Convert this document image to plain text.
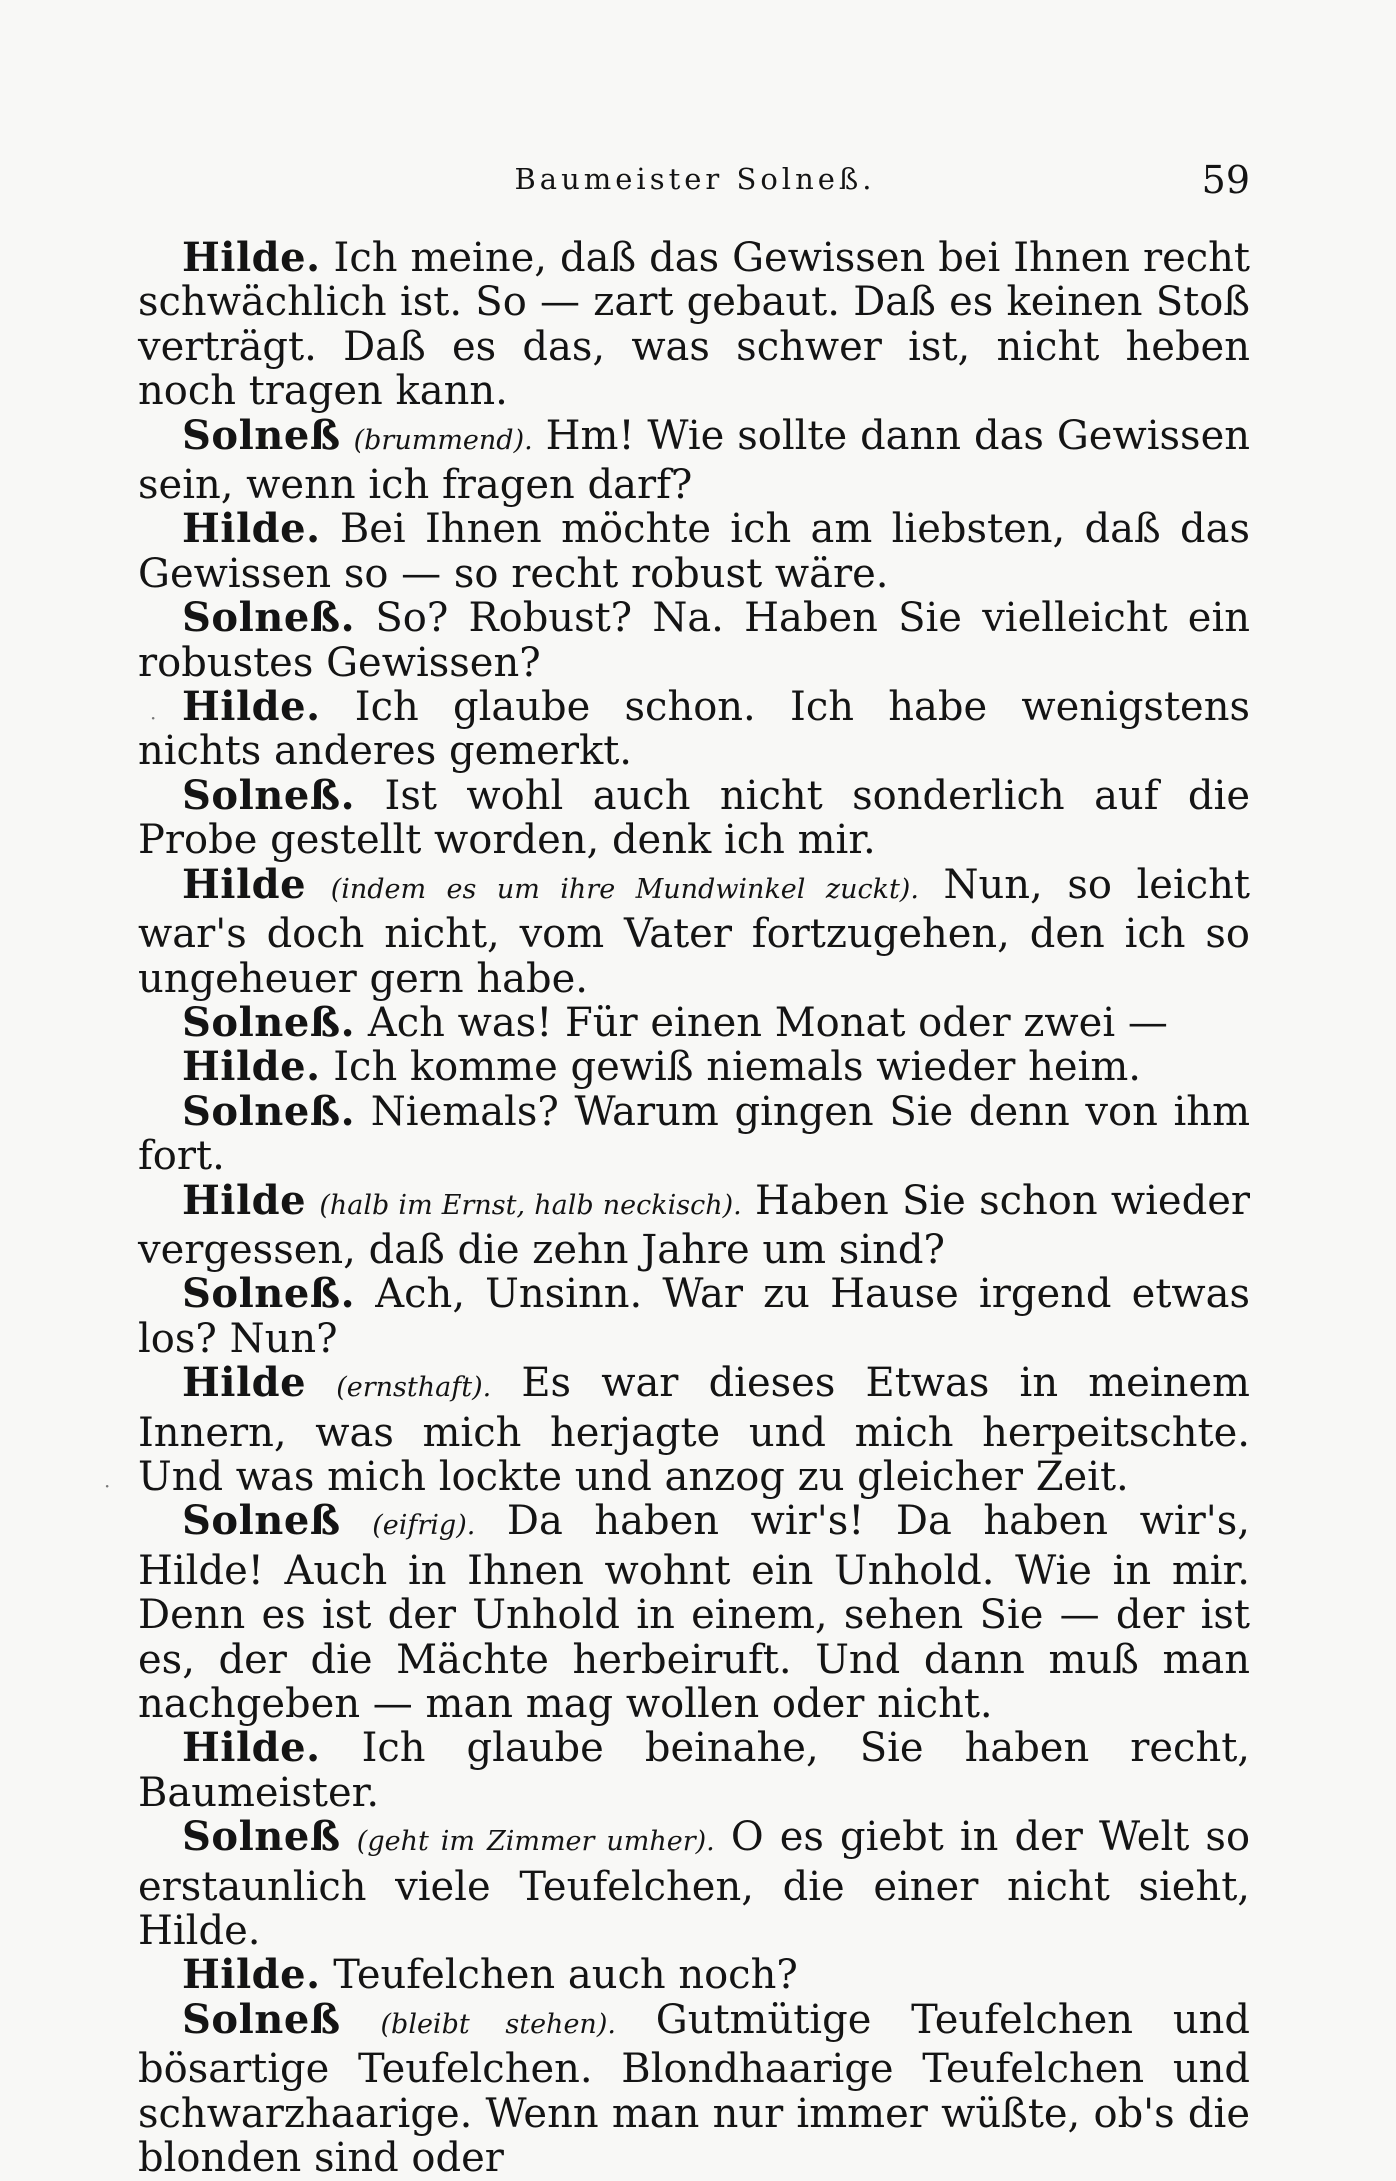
Baumeister Solneß.	59
·
·

Hilde. Ich meine, daß das Gewissen bei Ihnen recht schwächlich ist. So — zart gebaut. Daß es keinen Stoß verträgt. Daß es das, was schwer ist, nicht heben noch tragen kann.

Solneß (brummend). Hm! Wie sollte dann das Gewissen sein, wenn ich fragen darf?

Hilde. Bei Ihnen möchte ich am liebsten, daß das Gewissen so — so recht robust wäre.

Solneß. So? Robust? Na. Haben Sie vielleicht ein robustes Gewissen?

Hilde. Ich glaube schon. Ich habe wenigstens nichts anderes gemerkt.

Solneß. Ist wohl auch nicht sonderlich auf die Probe gestellt worden, denk ich mir.

Hilde (indem es um ihre Mundwinkel zuckt). Nun, so leicht war's doch nicht, vom Vater fortzugehen, den ich so ungeheuer gern habe.

Solneß. Ach was! Für einen Monat oder zwei —

Hilde. Ich komme gewiß niemals wieder heim.

Solneß. Niemals? Warum gingen Sie denn von ihm fort.

Hilde (halb im Ernst, halb neckisch). Haben Sie schon wieder vergessen, daß die zehn Jahre um sind?

Solneß. Ach, Unsinn. War zu Hause irgend etwas los? Nun?

Hilde (ernsthaft). Es war dieses Etwas in meinem Innern, was mich herjagte und mich herpeitschte. Und was mich lockte und anzog zu gleicher Zeit.

Solneß (eifrig). Da haben wir's! Da haben wir's, Hilde! Auch in Ihnen wohnt ein Unhold. Wie in mir. Denn es ist der Unhold in einem, sehen Sie — der ist es, der die Mächte herbeiruft. Und dann muß man nachgeben — man mag wollen oder nicht.

Hilde. Ich glaube beinahe, Sie haben recht, Baumeister.

Solneß (geht im Zimmer umher). O es giebt in der Welt so erstaunlich viele Teufelchen, die einer nicht sieht, Hilde.

Hilde. Teufelchen auch noch?

Solneß (bleibt stehen). Gutmütige Teufelchen und bösartige Teufelchen. Blondhaarige Teufelchen und schwarzhaarige. Wenn man nur immer wüßte, ob's die blonden sind oder
